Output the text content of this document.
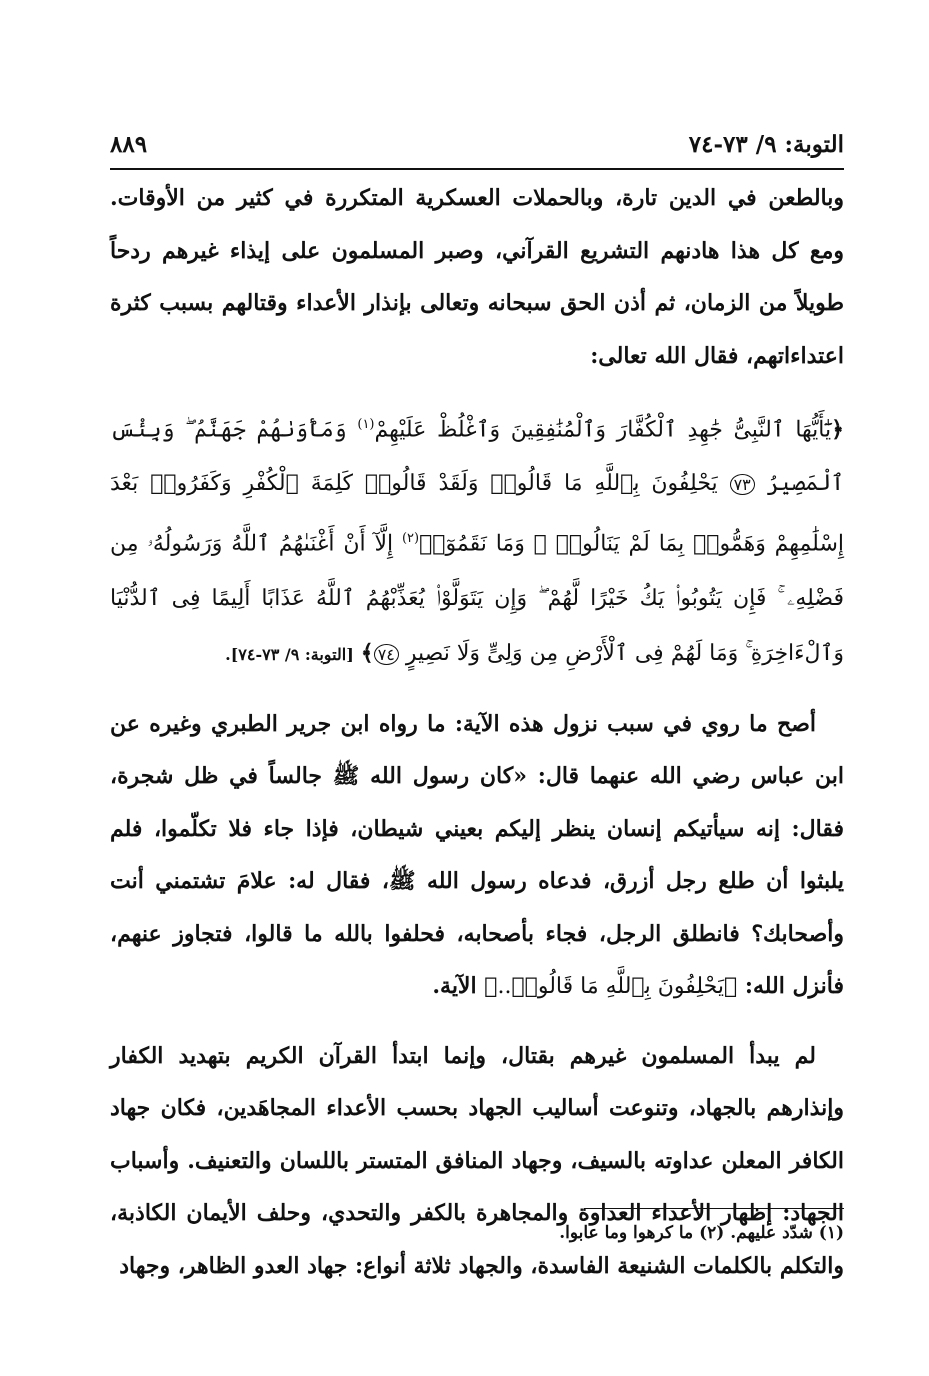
التوبة: ٩/ ٧٣-٧٤
٨٨٩

وبالطعن في الدين تارة، وبالحملات العسكرية المتكررة في كثير من الأوقات. ومع كل هذا هادنهم التشريع القرآني، وصبر المسلمون على إيذاء غيرهم ردحاً طويلاً من الزمان، ثم أذن الحق سبحانه وتعالى بإنذار الأعداء وقتالهم بسبب كثرة اعتداءاتهم، فقال الله تعالى:

﴿يَٰٓأَيُّهَا ٱلنَّبِىُّ جَٰهِدِ ٱلْكُفَّارَ وَٱلْمُنَٰفِقِينَ وَٱغْلُظْ عَلَيْهِمْ$^{(١)}$ وَمَأْوَىٰهُمْ جَهَنَّمُ ۖ وَبِئْسَ ٱلْمَصِيرُ ٧٣ يَحْلِفُونَ بِٱللَّهِ مَا قَالُوا۟ وَلَقَدْ قَالُوا۟ كَلِمَةَ ٱلْكُفْرِ وَكَفَرُوا۟ بَعْدَ إِسْلَٰمِهِمْ وَهَمُّوا۟ بِمَا لَمْ يَنَالُوا۟ ۚ وَمَا نَقَمُوٓا۟$^{(٢)}$ إِلَّآ أَنْ أَغْنَىٰهُمُ ٱللَّهُ وَرَسُولُهُۥ مِن فَضْلِهِۦ ۚ فَإِن يَتُوبُوا۟ يَكُ خَيْرًا لَّهُمْ ۖ وَإِن يَتَوَلَّوْا۟ يُعَذِّبْهُمُ ٱللَّهُ عَذَابًا أَلِيمًا فِى ٱلدُّنْيَا وَٱلْءَاخِرَةِ ۚ وَمَا لَهُمْ فِى ٱلْأَرْضِ مِن وَلِىٍّ وَلَا نَصِيرٍ ٧٤﴾ [التوبة: ٩/ ٧٣-٧٤].

أصح ما روي في سبب نزول هذه الآية: ما رواه ابن جرير الطبري وغيره عن ابن عباس رضي الله عنهما قال: «كان رسول الله ﷺ جالساً في ظل شجرة، فقال: إنه سيأتيكم إنسان ينظر إليكم بعيني شيطان، فإذا جاء فلا تكلّموا، فلم يلبثوا أن طلع رجل أزرق، فدعاه رسول الله ﷺ، فقال له: علامَ تشتمني أنت وأصحابك؟ فانطلق الرجل، فجاء بأصحابه، فحلفوا بالله ما قالوا، فتجاوز عنهم، فأنزل الله: ﴿يَحْلِفُونَ بِٱللَّهِ مَا قَالُوا۟..﴾ الآية.

لم يبدأ المسلمون غيرهم بقتال، وإنما ابتدأ القرآن الكريم بتهديد الكفار وإنذارهم بالجهاد، وتنوعت أساليب الجهاد بحسب الأعداء المجاهَدين، فكان جهاد الكافر المعلن عداوته بالسيف، وجهاد المنافق المتستر باللسان والتعنيف. وأسباب الجهاد: إظهار الأعداء العداوة والمجاهرة بالكفر والتحدي، وحلف الأيمان الكاذبة، والتكلم بالكلمات الشنيعة الفاسدة، والجهاد ثلاثة أنواع: جهاد العدو الظاهر، وجهاد

(١) شدّد عليهم. (٢) ما كرهوا وما عابوا.
